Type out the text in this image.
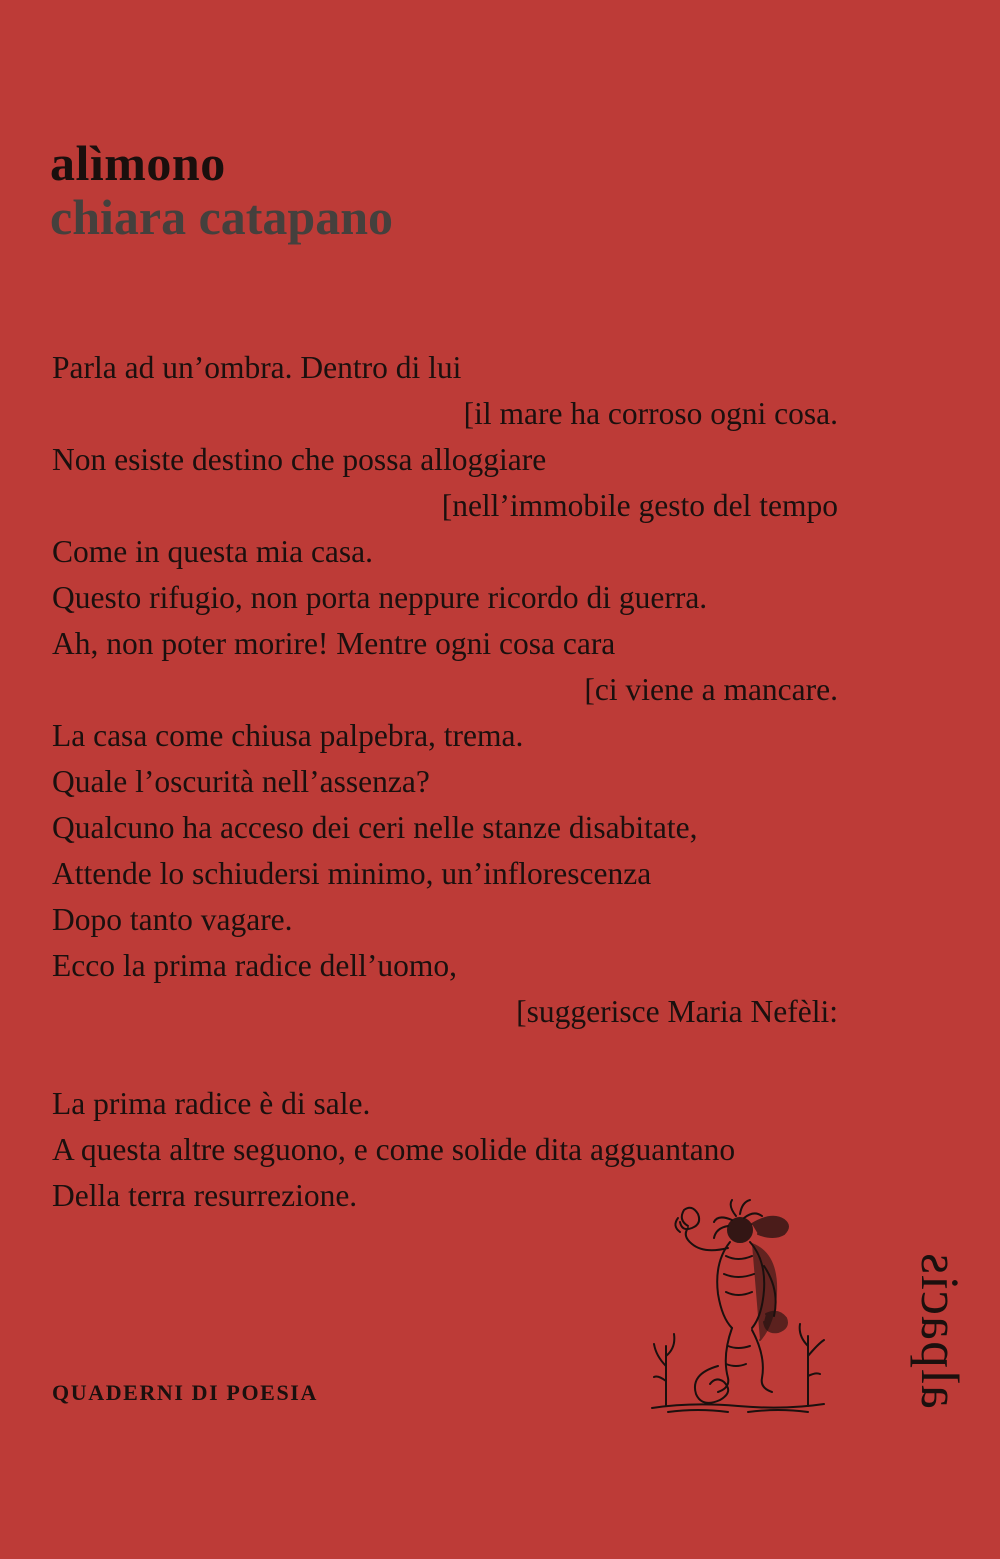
alìmono
chiara catapano
Parla ad un’ombra. Dentro di lui
[il mare ha corroso ogni cosa.
Non esiste destino che possa alloggiare
[nell’immobile gesto del tempo
Come in questa mia casa.
Questo rifugio, non porta neppure ricordo di guerra.
Ah, non poter morire! Mentre ogni cosa cara
[ci viene a mancare.
La casa come chiusa palpebra, trema.
Quale l’oscurità nell’assenza?
Qualcuno ha acceso dei ceri nelle stanze disabitate,
Attende lo schiudersi minimo, un’inflorescenza
Dopo tanto vagare.
Ecco la prima radice dell’uomo,
[suggerisce Maria Nefèli:
La prima radice è di sale.
A questa altre seguono, e come solide dita agguantano
Della terra resurrezione.
QUADERNI DI POESIA	alpacis
